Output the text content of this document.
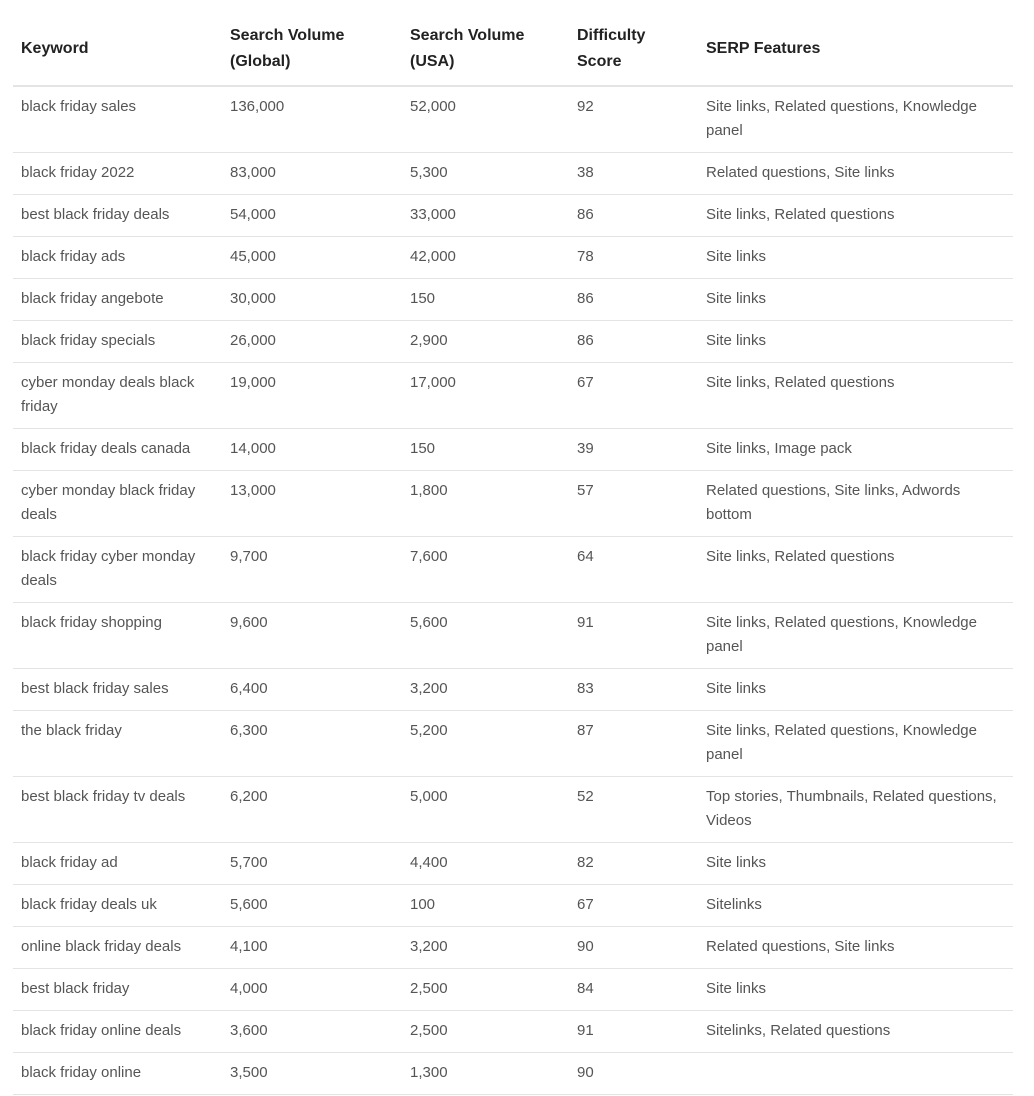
Keyword	Search Volume (Global)	Search Volume (USA)	Difficulty Score	SERP Features
black friday sales	136,000	52,000	92	Site links, Related questions, Knowledge panel
black friday 2022	83,000	5,300	38	Related questions, Site links
best black friday deals	54,000	33,000	86	Site links, Related questions
black friday ads	45,000	42,000	78	Site links
black friday angebote	30,000	150	86	Site links
black friday specials	26,000	2,900	86	Site links
cyber monday deals black friday	19,000	17,000	67	Site links, Related questions
black friday deals canada	14,000	150	39	Site links, Image pack
cyber monday black friday deals	13,000	1,800	57	Related questions, Site links, Adwords bottom
black friday cyber monday deals	9,700	7,600	64	Site links, Related questions
black friday shopping	9,600	5,600	91	Site links, Related questions, Knowledge panel
best black friday sales	6,400	3,200	83	Site links
the black friday	6,300	5,200	87	Site links, Related questions, Knowledge panel
best black friday tv deals	6,200	5,000	52	Top stories, Thumbnails, Related questions, Videos
black friday ad	5,700	4,400	82	Site links
black friday deals uk	5,600	100	67	Sitelinks
online black friday deals	4,100	3,200	90	Related questions, Site links
best black friday	4,000	2,500	84	Site links
black friday online deals	3,600	2,500	91	Sitelinks, Related questions
black friday online	3,500	1,300	90	
